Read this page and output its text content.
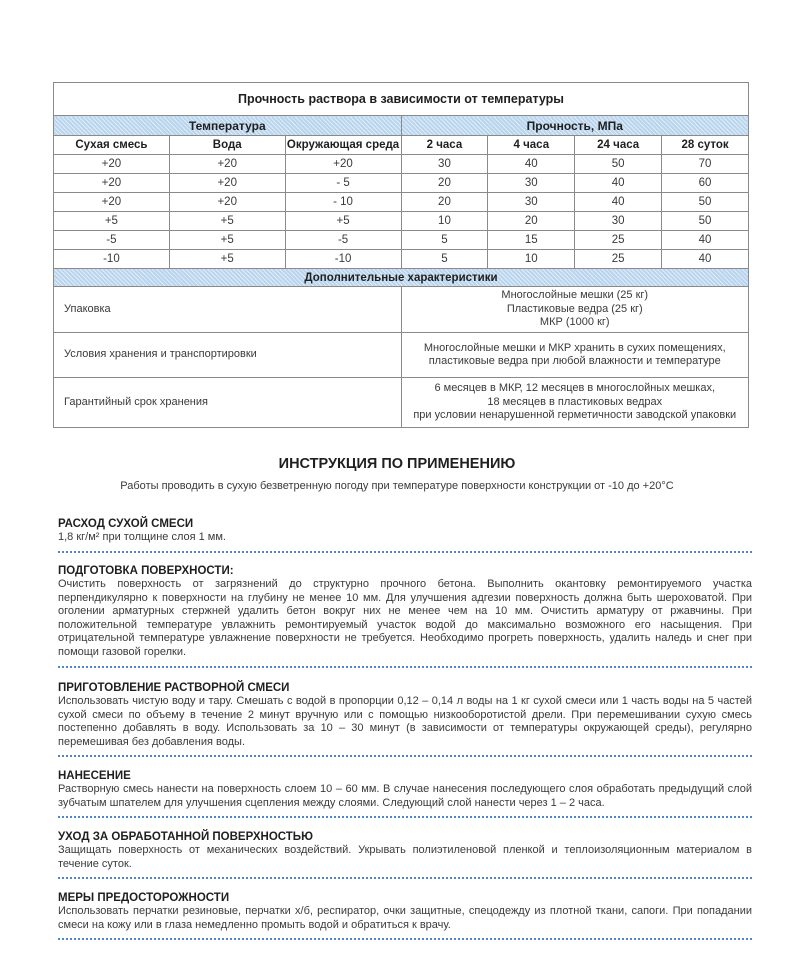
Прочность раствора в зависимости от температуры						
Температура			Прочность, МПа			
Сухая смесь	Вода	Окружающая среда	2 часа	4 часа	24 часа	28 суток
+20	+20	+20	30	40	50	70
+20	+20	- 5	20	30	40	60
+20	+20	- 10	20	30	40	50
+5	+5	+5	10	20	30	50
-5	+5	-5	5	15	25	40
-10	+5	-10	5	10	25	40
Дополнительные характеристики						
Упаковка			Многослойные мешки (25 кг)
Пластиковые ведра (25 кг)
МКР (1000 кг)			

Условия хранения и транспортировки			Многослойные мешки и МКР хранить в сухих помещениях,
пластиковые ведра при любой влажности и температуре			

Гарантийный срок хранения			6 месяцев в МКР, 12 месяцев в многослойных мешках,
18 месяцев в пластиковых ведрах
при условии ненарушенной герметичности заводской упаковки			
ИНСТРУКЦИЯ ПО ПРИМЕНЕНИЮ
Работы проводить в сухую безветренную погоду при температуре поверхности конструкции от -10 до +20°С
РАСХОД СУХОЙ СМЕСИ

1,8 кг/м² при толщине слоя 1 мм.

ПОДГОТОВКА ПОВЕРХНОСТИ:

Очистить поверхность от загрязнений до структурно прочного бетона. Выполнить окантовку ремонтируемого участка перпендикулярно к поверхности на глубину не менее 10 мм. Для улучшения адгезии поверхность должна быть шероховатой. При оголении арматурных стержней удалить бетон вокруг них не менее чем на 10 мм. Очистить арматуру от ржавчины. При положительной температуре увлажнить ремонтируемый участок водой до максимально возможного его насыщения. При отрицательной температуре увлажнение поверхности не требуется. Необходимо прогреть поверхность, удалить наледь и снег при помощи газовой горелки.

ПРИГОТОВЛЕНИЕ РАСТВОРНОЙ СМЕСИ

Использовать чистую воду и тару. Смешать с водой в пропорции 0,12 – 0,14 л воды на 1 кг сухой смеси или 1 часть воды на 5 частей сухой смеси по объему в течение 2 минут вручную или с помощью низкооборотистой дрели. При перемешивании сухую смесь постепенно добавлять в воду. Использовать за 10 – 30 минут (в зависимости от температуры окружающей среды), регулярно перемешивая без добавления воды.

НАНЕСЕНИЕ

Растворную смесь нанести на поверхность слоем 10 – 60 мм. В случае нанесения последующего слоя обработать предыдущий слой зубчатым шпателем для улучшения сцепления между слоями. Следующий слой нанести через 1 – 2 часа.

УХОД ЗА ОБРАБОТАННОЙ ПОВЕРХНОСТЬЮ

Защищать поверхность от механических воздействий. Укрывать полиэтиленовой пленкой и теплоизоляционным материалом в течение суток.

МЕРЫ ПРЕДОСТОРОЖНОСТИ

Использовать перчатки резиновые, перчатки х/б, респиратор, очки защитные, спецодежду из плотной ткани, сапоги. При попадании смеси на кожу или в глаза немедленно промыть водой и обратиться к врачу.
